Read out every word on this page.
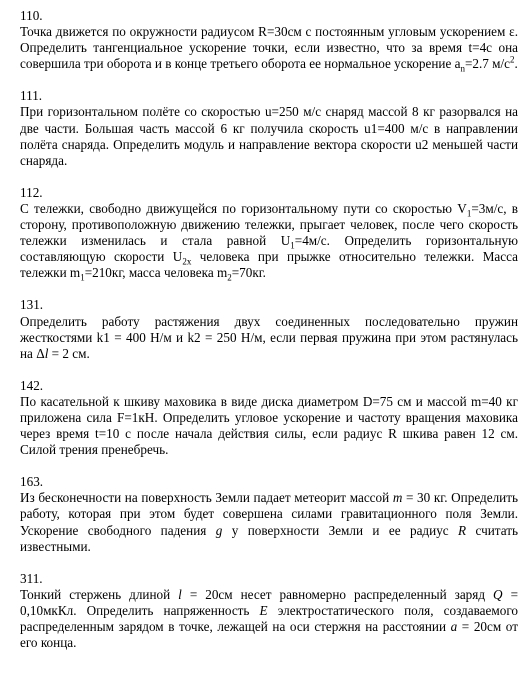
110.
Точка движется по окружности радиусом R=30см с постоянным угловым ускорением ε. Определить тангенциальное ускорение точки, если известно, что за время t=4с она совершила три оборота и в конце третьего оборота ее нормальное ускорение $a_n=2.7$ $м/с^2$.
111.
При горизонтальном полёте со скоростью u=250 м/с снаряд массой 8 кг разорвался на две части. Большая часть массой 6 кг получила скорость u1=400 м/с в направлении полёта снаряда. Определить модуль и направление вектора скорости u2 меньшей части снаряда.
112.
С тележки, свободно движущейся по горизонтальному пути со скоростью $V_1=3м/с$, в сторону, противоположную движению тележки, прыгает человек, после чего скорость тележки изменилась и стала равной $U_1=4м/с$. Определить горизонтальную составляющую скорости $U_{2x}$ человека при прыжке относительно тележки. Масса тележки $m_1=210кг$, масса человека $m_2=70кг$.
131.
Определить работу растяжения двух соединенных последовательно пружин жесткостями k1 = 400 Н/м и k2 = 250 Н/м, если первая пружина при этом растянулась на Δl = 2 см.
142.
По касательной к шкиву маховика в виде диска диаметром D=75 см и массой m=40 кг приложена сила F=1кН. Определить угловое ускорение и частоту вращения маховика через время t=10 с после начала действия силы, если радиус R шкива равен 12 см. Силой трения пренебречь.
163.
Из бесконечности на поверхность Земли падает метеорит массой m = 30 кг. Определить работу, которая при этом будет совершена силами гравитационного поля Земли. Ускорение свободного падения g у поверхности Земли и ее радиус R считать известными.
311.
Тонкий стержень длиной l = 20см несет равномерно распределенный заряд Q = 0,10мкКл. Определить напряженность E электростатического поля, создаваемого распределенным зарядом в точке, лежащей на оси стержня на расстоянии a = 20см от его конца.
